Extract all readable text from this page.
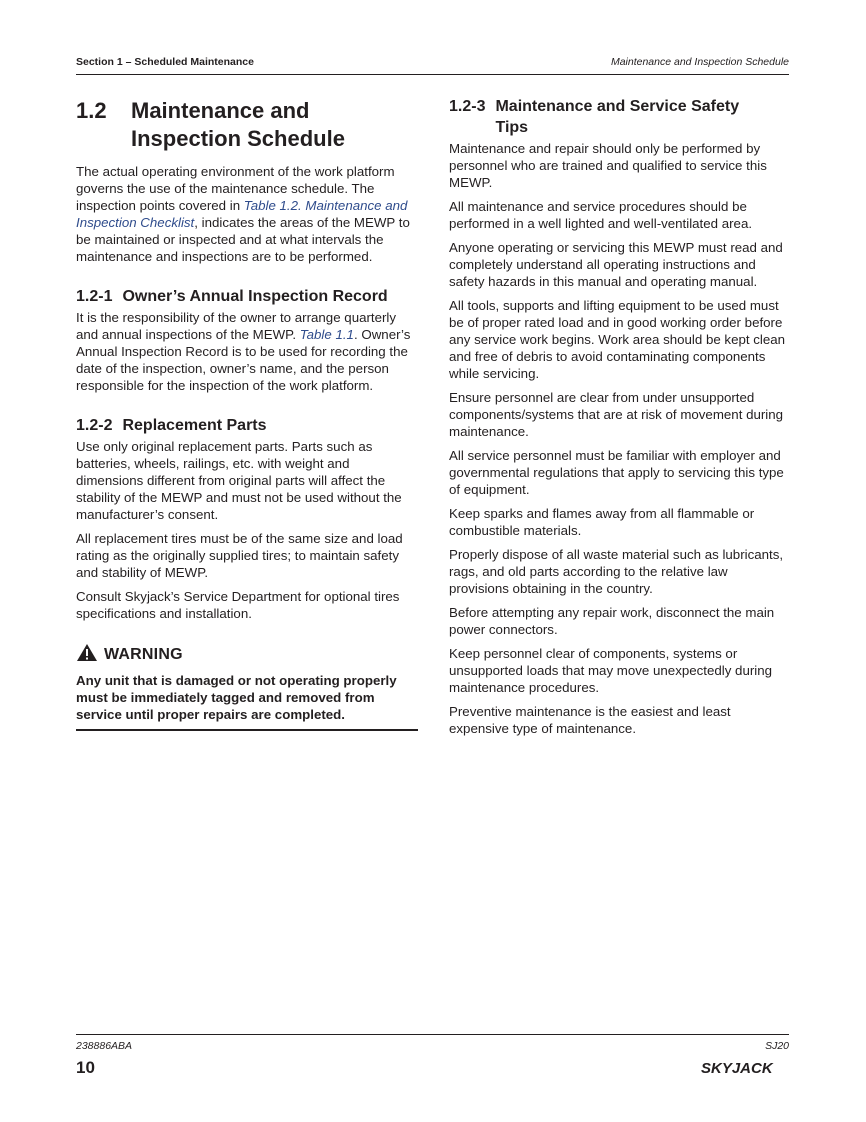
Section 1 – Scheduled Maintenance	Maintenance and Inspection Schedule
1.2	Maintenance and
Inspection Schedule

The actual operating environment of the work platform governs the use of the maintenance schedule. The inspection points covered in Table 1.2. Maintenance and Inspection Checklist, indicates the areas of the MEWP to be maintained or inspected and at what intervals the maintenance and inspections are to be performed.

1.2-1 Owner’s Annual Inspection Record

It is the responsibility of the owner to arrange quarterly and annual inspections of the MEWP. Table 1.1. Owner’s Annual Inspection Record is to be used for recording the date of the inspection, owner’s name, and the person responsible for the inspection of the work platform.

1.2-2 Replacement Parts

Use only original replacement parts. Parts such as batteries, wheels, railings, etc. with weight and dimensions different from original parts will affect the stability of the MEWP and must not be used without the manufacturer’s consent.

All replacement tires must be of the same size and load rating as the originally supplied tires; to maintain safety and stability of MEWP.

Consult Skyjack’s Service Department for optional tires specifications and installation.

WARNING
Any unit that is damaged or not operating properly must be immediately tagged and removed from service until proper repairs are completed.
1.2-3 Maintenance and Service Safety
Tips

Maintenance and repair should only be performed by personnel who are trained and qualified to service this MEWP.

All maintenance and service procedures should be performed in a well lighted and well-ventilated area.

Anyone operating or servicing this MEWP must read and completely understand all operating instructions and safety hazards in this manual and operating manual.

All tools, supports and lifting equipment to be used must be of proper rated load and in good working order before any service work begins. Work area should be kept clean and free of debris to avoid contaminating components while servicing.

Ensure personnel are clear from under unsupported components/systems that are at risk of movement during maintenance.

All service personnel must be familiar with employer and governmental regulations that apply to servicing this type of equipment.

Keep sparks and flames away from all flammable or combustible materials.

Properly dispose of all waste material such as lubricants, rags, and old parts according to the relative law provisions obtaining in the country.

Before attempting any repair work, disconnect the main power connectors.

Keep personnel clear of components, systems or unsupported loads that may move unexpectedly during maintenance procedures.

Preventive maintenance is the easiest and least expensive type of maintenance.

238886ABA	SJ20
10	SKYJACK
